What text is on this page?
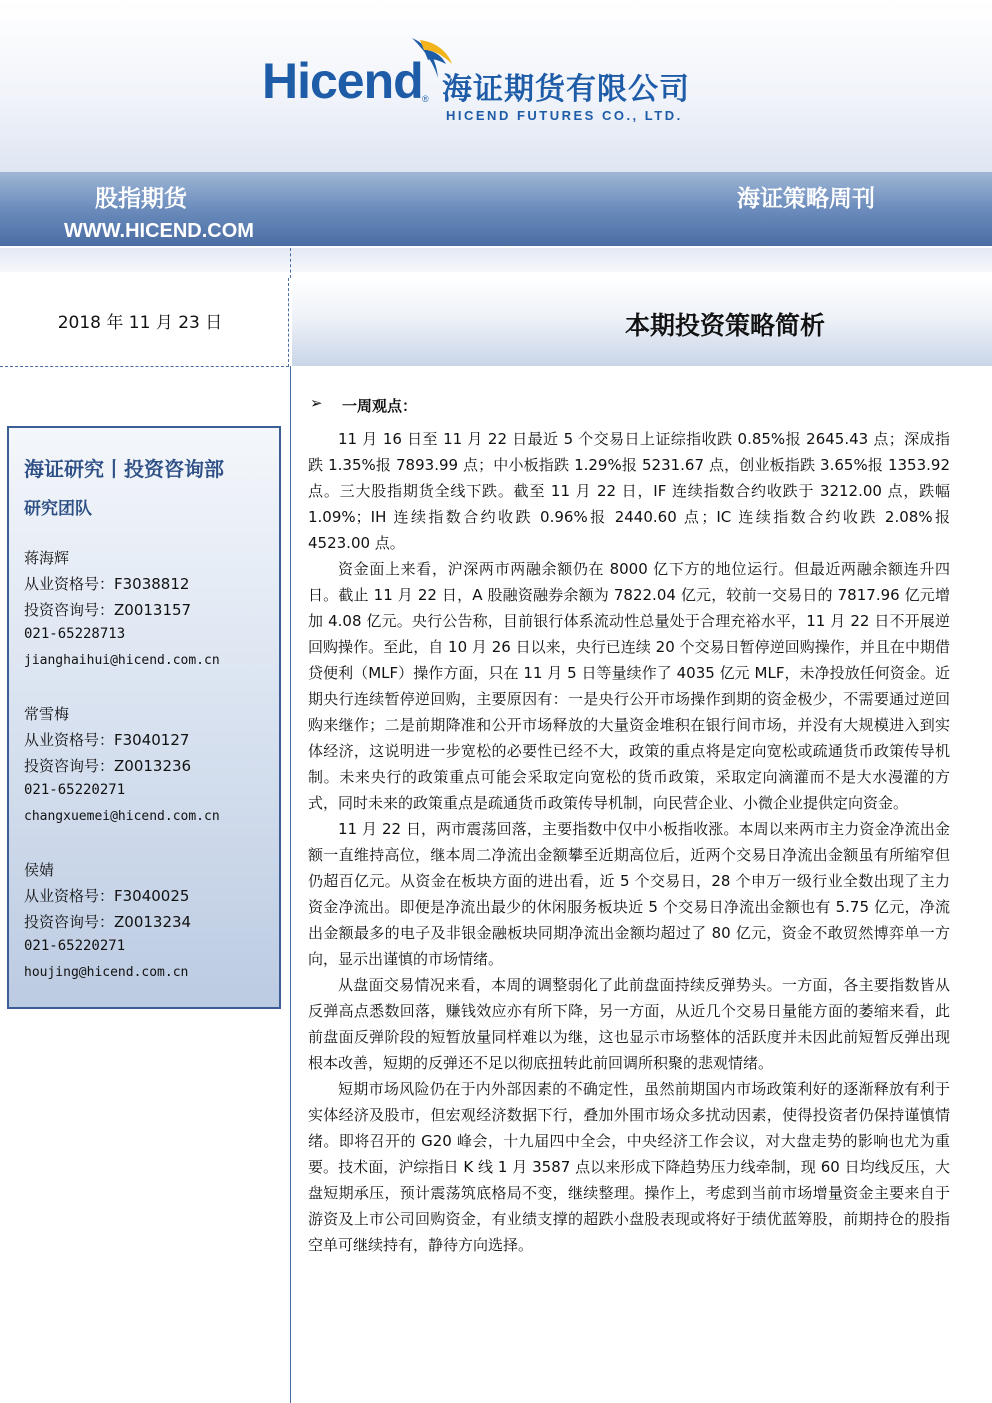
Hicend ® 海证期货有限公司
HICEND FUTURES CO., LTD.
股指期货
WWW.HICEND.COM
海证策略周刊
2018 年 11 月 23 日	本期投资策略简析
海证研究丨投资咨询部
研究团队
蒋海辉
从业资格号：F3038812
投资咨询号：Z0013157
021-65228713
jianghaihui@hicend.com.cn
常雪梅
从业资格号：F3040127
投资咨询号：Z0013236
021-65220271
changxuemei@hicend.com.cn
侯婧
从业资格号：F3040025
投资咨询号：Z0013234
021-65220271
houjing@hicend.com.cn
➢ 一周观点：

11 月 16 日至 11 月 22 日最近 5 个交易日上证综指收跌 0.85%报 2645.43 点；深成指跌 1.35%报 7893.99 点；中小板指跌 1.29%报 5231.67 点，创业板指跌 3.65%报 1353.92 点。三大股指期货全线下跌。截至 11 月 22 日，IF 连续指数合约收跌于 3212.00 点，跌幅 1.09%；IH 连续指数合约收跌 0.96%报 2440.60 点；IC 连续指数合约收跌 2.08%报 4523.00 点。

资金面上来看，沪深两市两融余额仍在 8000 亿下方的地位运行。但最近两融余额连升四日。截止 11 月 22 日，A 股融资融券余额为 7822.04 亿元，较前一交易日的 7817.96 亿元增加 4.08 亿元。央行公告称，目前银行体系流动性总量处于合理充裕水平，11 月 22 日不开展逆回购操作。至此，自 10 月 26 日以来，央行已连续 20 个交易日暂停逆回购操作，并且在中期借贷便利（MLF）操作方面，只在 11 月 5 日等量续作了 4035 亿元 MLF，未净投放任何资金。近期央行连续暂停逆回购，主要原因有：一是央行公开市场操作到期的资金极少，不需要通过逆回购来继作；二是前期降准和公开市场释放的大量资金堆积在银行间市场，并没有大规模进入到实体经济，这说明进一步宽松的必要性已经不大，政策的重点将是定向宽松或疏通货币政策传导机制。未来央行的政策重点可能会采取定向宽松的货币政策，采取定向滴灌而不是大水漫灌的方式，同时未来的政策重点是疏通货币政策传导机制，向民营企业、小微企业提供定向资金。

11 月 22 日，两市震荡回落，主要指数中仅中小板指收涨。本周以来两市主力资金净流出金额一直维持高位，继本周二净流出金额攀至近期高位后，近两个交易日净流出金额虽有所缩窄但仍超百亿元。从资金在板块方面的进出看，近 5 个交易日，28 个申万一级行业全数出现了主力资金净流出。即便是净流出最少的休闲服务板块近 5 个交易日净流出金额也有 5.75 亿元，净流出金额最多的电子及非银金融板块同期净流出金额均超过了 80 亿元，资金不敢贸然博弈单一方向，显示出谨慎的市场情绪。

从盘面交易情况来看，本周的调整弱化了此前盘面持续反弹势头。一方面，各主要指数皆从反弹高点悉数回落，赚钱效应亦有所下降，另一方面，从近几个交易日量能方面的萎缩来看，此前盘面反弹阶段的短暂放量同样难以为继，这也显示市场整体的活跃度并未因此前短暂反弹出现根本改善，短期的反弹还不足以彻底扭转此前回调所积聚的悲观情绪。

短期市场风险仍在于内外部因素的不确定性，虽然前期国内市场政策利好的逐渐释放有利于实体经济及股市，但宏观经济数据下行，叠加外围市场众多扰动因素，使得投资者仍保持谨慎情绪。即将召开的 G20 峰会，十九届四中全会，中央经济工作会议，对大盘走势的影响也尤为重要。技术面，沪综指日 K 线 1 月 3587 点以来形成下降趋势压力线牵制，现 60 日均线反压，大盘短期承压，预计震荡筑底格局不变，继续整理。操作上，考虑到当前市场增量资金主要来自于游资及上市公司回购资金，有业绩支撑的超跌小盘股表现或将好于绩优蓝筹股，前期持仓的股指空单可继续持有，静待方向选择。
